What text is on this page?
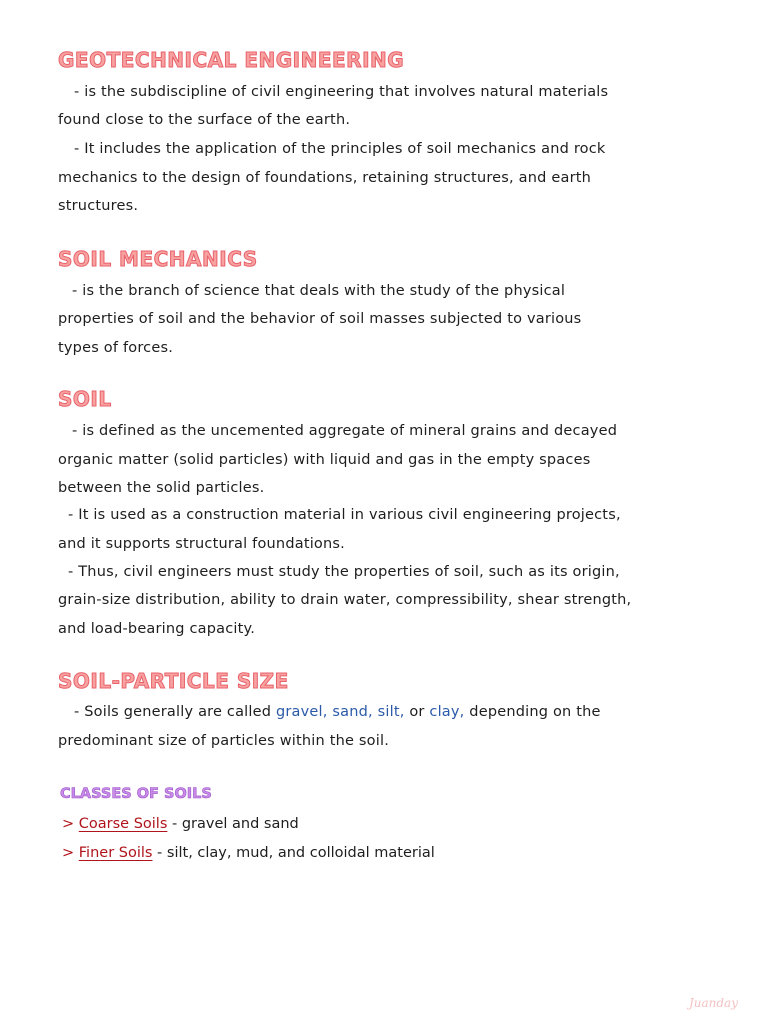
GEOTECHNICAL ENGINEERING

- is the subdiscipline of civil engineering that involves natural materials

found close to the surface of the earth.

- It includes the application of the principles of soil mechanics and rock

mechanics to the design of foundations, retaining structures, and earth

structures.

SOIL MECHANICS

- is the branch of science that deals with the study of the physical

properties of soil and the behavior of soil masses subjected to various

types of forces.

SOIL

- is defined as the uncemented aggregate of mineral grains and decayed

organic matter (solid particles) with liquid and gas in the empty spaces

between the solid particles.

- It is used as a construction material in various civil engineering projects,

and it supports structural foundations.

- Thus, civil engineers must study the properties of soil, such as its origin,

grain-size distribution, ability to drain water, compressibility, shear strength,

and load-bearing capacity.

SOIL-PARTICLE SIZE

- Soils generally are called gravel, sand, silt, or clay, depending on the

predominant size of particles within the soil.

CLASSES OF SOILS

> Coarse Soils - gravel and sand

> Finer Soils - silt, clay, mud, and colloidal material

Juanday
